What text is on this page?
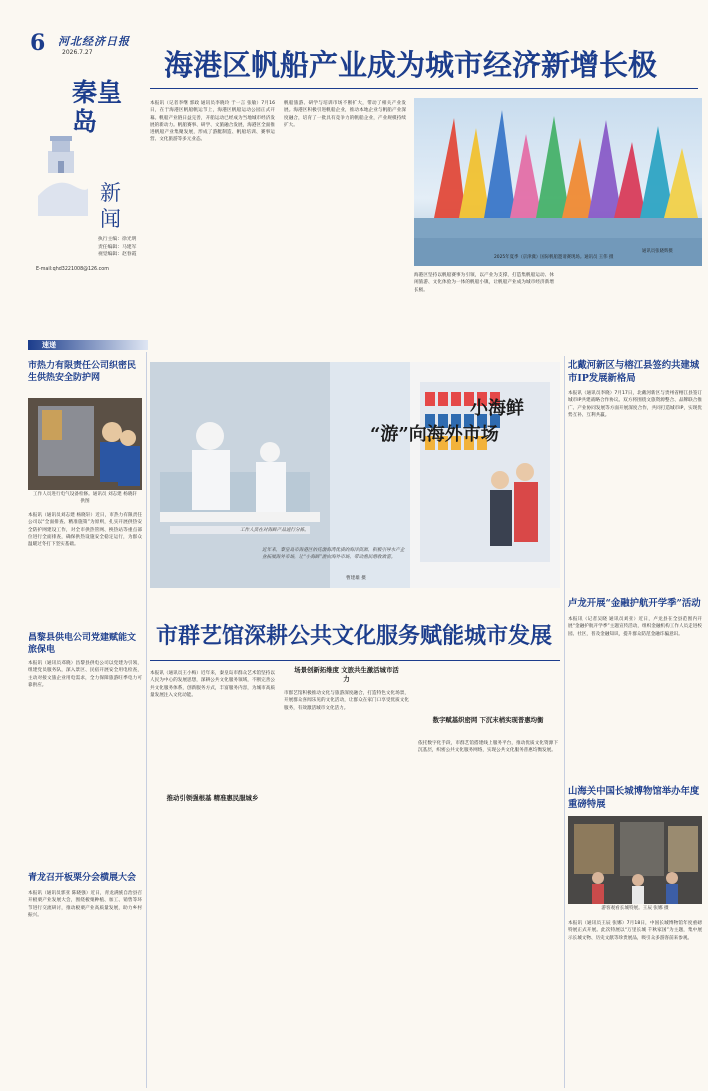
6 河北经济日报
2026.7.27
秦皇岛
新闻
执行主编：徐光明
责任编辑：马建军
视觉编辑：赵春霞
E-mail:qhd3221008@126.com
海港区帆船产业成为城市经济新增长极
本报讯（记者李继 郭政 通讯员李晓玲 于一言 张敏）7月16日，在于海港区帆船帆运节上，海港区帆船运动公园正式开幕。帆船产业链日益完善，开船运动已经成为当地城市经济发展的新动力。帆船赛事、研学、文旅融合发展，海港区全面推进帆船产业集聚发展，形成了游艇制造、帆船培训、赛事运营、文化旅游等多元业态。
帆船旅游、研学与培训市场不断扩大，带动了相关产业发展。海港区积极引进帆船企业，推动本地企业与帆船产业深度融合，培育了一批具有竞争力的帆船企业，产业规模持续扩大。
海港区坚持以帆船赛事为引领，以产业为支撑，打造集帆船运动、休闲旅游、文化体验为一体的帆船小镇，让帆船产业成为城市经济新增长极。
2025年夏季（京津冀）国际帆船邀请赛现场。通讯员 王伟 摄
通讯员张晓辉摄
速递
市热力有限责任公司织密民生供热安全防护网
工作人员进行电气设备检修。通讯员 刘志建 杨晓轩 供图
本报讯（通讯员刘志建 杨晓轩）近日，市热力有限责任公司以“全面排查、精准施策”为原则，扎实开展供热安全防护网建设工作，对全市供热管网、换热站等重点部位进行全面排查，确保供热设施安全稳定运行，为群众温暖过冬打下坚实基础。
昌黎县供电公司党建赋能文旅保电
本报讯（通讯员邓晓）昌黎县供电公司以党建为引领，组建党员服务队，深入景区、民宿开展安全用电检查，主动对接文旅企业用电需求，全力保障旅游旺季电力可靠供应。
青龙召开板栗分会横展大会
本报讯（通讯员郭亚 陈晓强）近日，青龙满族自治县召开板栗产业发展大会，围绕板栗种植、加工、销售等环节进行交流研讨，推动板栗产业高质量发展，助力乡村振兴。
小海鲜
“游”向海外市场
工作人员在对海鲜产品进行分拣。
近年来，秦皇岛市海港区依托渤海湾优质的海洋资源，积极引导水产企业拓展海外市场，让“小海鲜”游向海外市场，带动渔民增收致富。
曹建雄 摄
市群艺馆深耕公共文化服务赋能城市发展
本报讯（通讯员王小梅）近年来，秦皇岛市群众艺术馆坚持以人民为中心的发展思想，深耕公共文化服务领域，不断完善公共文化服务体系，创新服务方式，丰富服务内容，为城市高质量发展注入文化动能。
推动引领强根基 精准惠民服城乡
场景创新拓维度 文旅共生激活城市活力
市群艺馆积极推动文化与旅游深度融合，打造特色文化场景，开展群众喜闻乐见的文化活动，让群众在家门口享受优质文化服务，有效激活城市文化活力。
数字赋基织密网 下沉末梢实现普惠均衡
依托数字化手段，市群艺馆搭建线上服务平台，推动优质文化资源下沉基层，织密公共文化服务网络，实现公共文化服务普惠均衡发展。
北戴河新区与榕江县签约共建城市IP发展新格局
本报讯（通讯员李晓）7月17日，北戴河新区与贵州省榕江县签订城市IP共建战略合作协议。双方将围绕文旅资源整合、品牌联合推广、产业协同发展等方面开展深度合作，共同打造城市IP，实现优势互补、互利共赢。
卢龙开展“金融护航开学季”活动
本报讯（记者吴晓 通讯员刘亚）近日，卢龙县在全县范围内开展“金融护航开学季”主题宣传活动，组织金融机构工作人员走进校园、社区，普及金融知识，提升群众防范金融诈骗意识。
山海关中国长城博物馆举办年度重磅特展
游客观看长城特展。王辰 张娜 摄
本报讯（通讯员王辰 张娜）7月18日，中国长城博物馆年度重磅特展正式开展。此次特展以“万里长城 千秋家国”为主题，集中展示长城文物、历史文献等珍贵展品，吸引众多游客前来参观。
